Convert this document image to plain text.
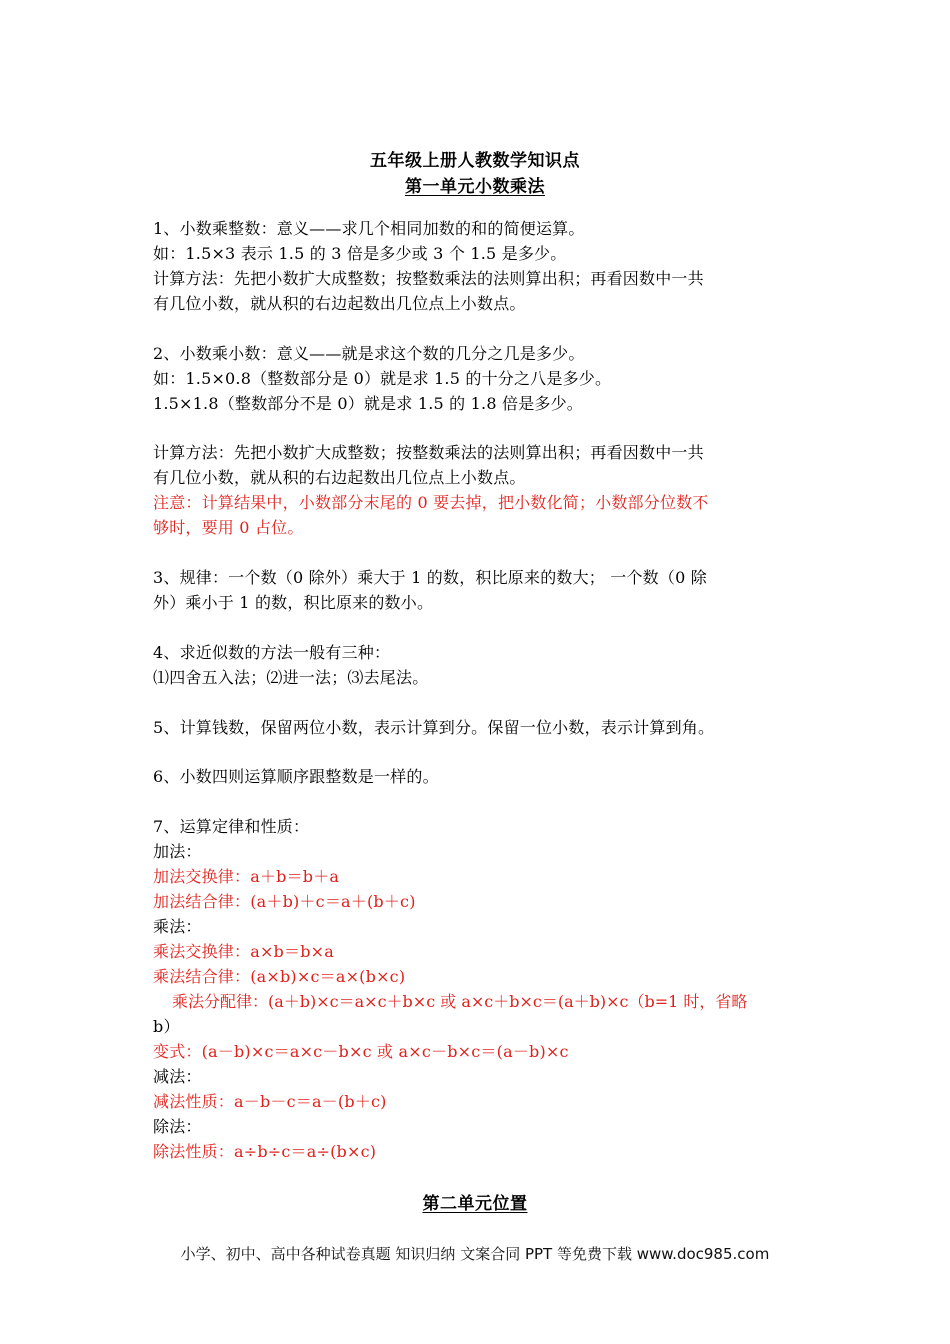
五年级上册人教数学知识点
第一单元小数乘法
1、小数乘整数：意义——求几个相同加数的和的简便运算。
如：1.5×3 表示 1.5 的 3 倍是多少或 3 个 1.5 是多少。
计算方法：先把小数扩大成整数；按整数乘法的法则算出积；再看因数中一共
有几位小数，就从积的右边起数出几位点上小数点。
2、小数乘小数：意义——就是求这个数的几分之几是多少。
如：1.5×0.8（整数部分是 0）就是求 1.5 的十分之八是多少。
1.5×1.8（整数部分不是 0）就是求 1.5 的 1.8 倍是多少。
计算方法：先把小数扩大成整数；按整数乘法的法则算出积；再看因数中一共
有几位小数，就从积的右边起数出几位点上小数点。
注意：计算结果中，小数部分末尾的 0 要去掉，把小数化简；小数部分位数不
够时，要用 0 占位。
3、规律：一个数（0 除外）乘大于 1 的数，积比原来的数大； 一个数（0 除
外）乘小于 1 的数，积比原来的数小。
4、求近似数的方法一般有三种：
⑴四舍五入法；⑵进一法；⑶去尾法。
5、计算钱数，保留两位小数，表示计算到分。保留一位小数，表示计算到角。
6、小数四则运算顺序跟整数是一样的。
7、运算定律和性质：
加法：
加法交换律：a＋b＝b＋a
加法结合律：(a＋b)＋c＝a＋(b＋c)
乘法：
乘法交换律：a×b＝b×a
乘法结合律：(a×b)×c＝a×(b×c)
乘法分配律：(a＋b)×c＝a×c＋b×c 或 a×c＋b×c＝(a＋b)×c（b=1 时，省略
b）
变式：(a－b)×c＝a×c－b×c 或 a×c－b×c＝(a－b)×c
减法：
减法性质：a－b－c＝a－(b＋c)
除法：
除法性质：a÷b÷c＝a÷(b×c)
第二单元位置
小学、初中、高中各种试卷真题 知识归纳 文案合同 PPT 等免费下载 www.doc985.com
